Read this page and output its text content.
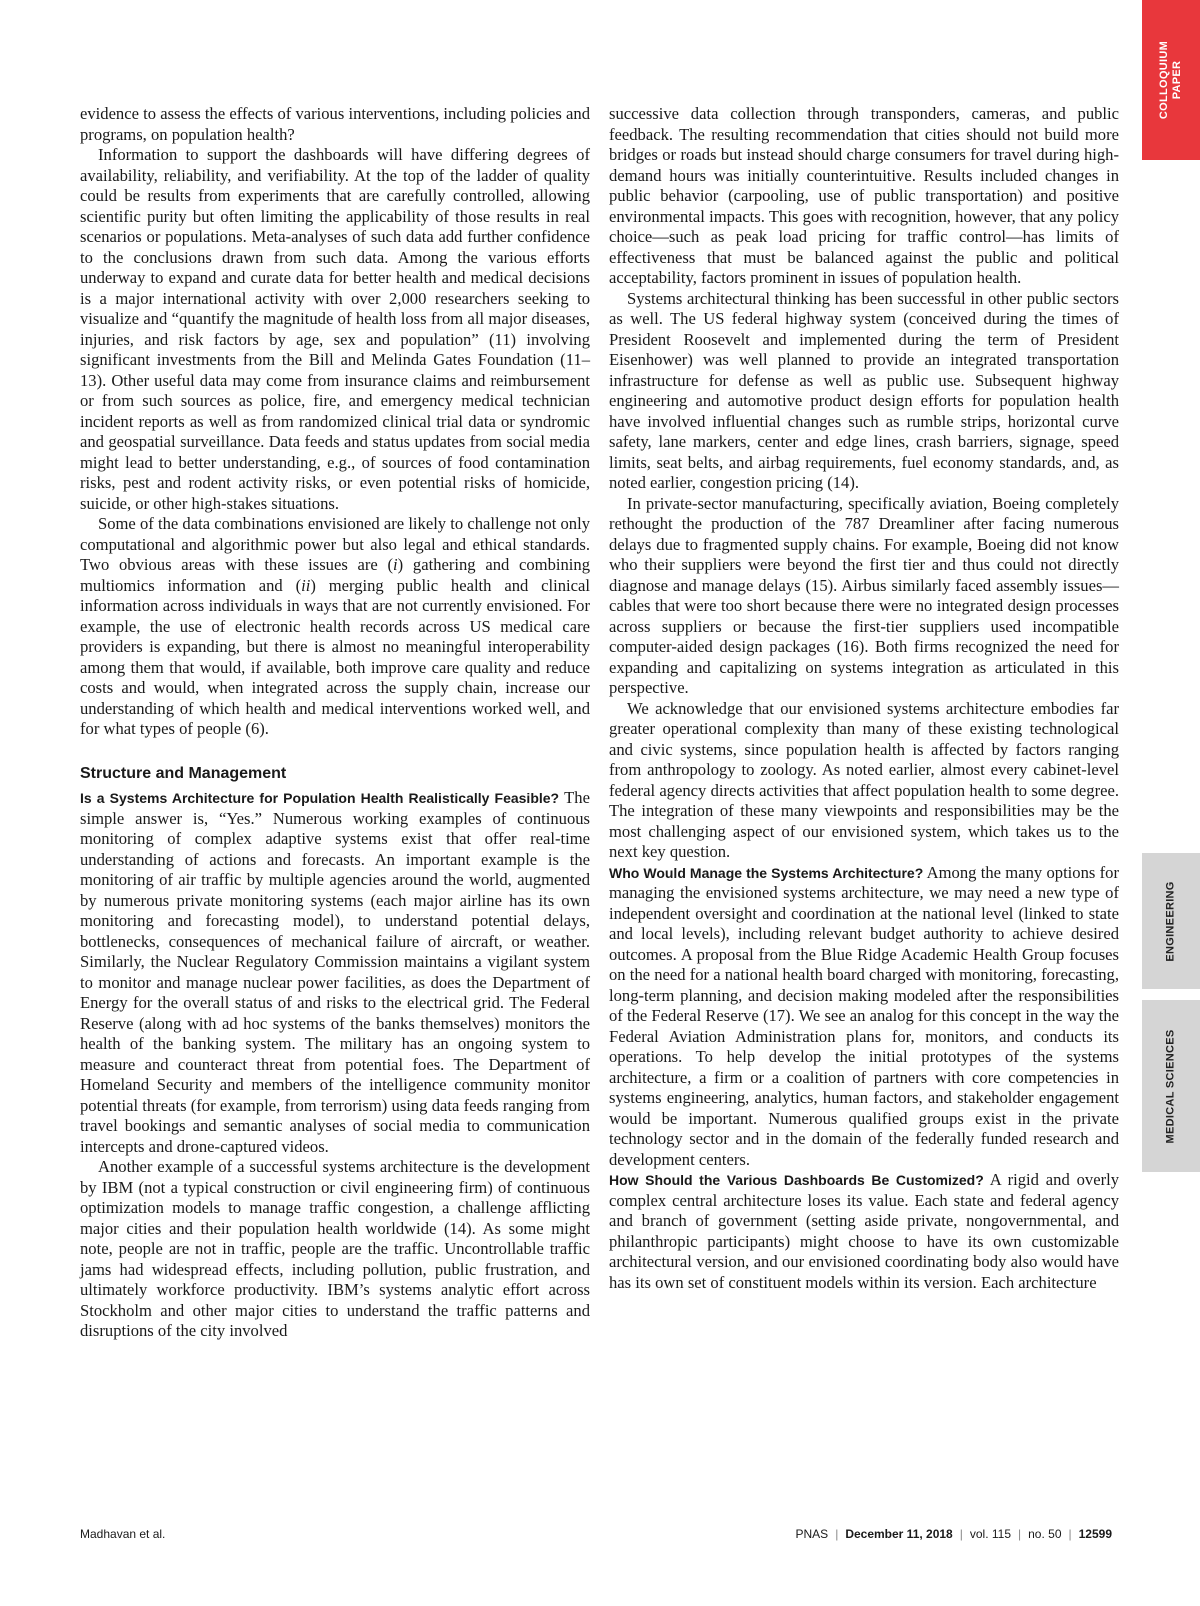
COLLOQUIUM PAPER
ENGINEERING
MEDICAL SCIENCES

evidence to assess the effects of various interventions, including policies and programs, on population health?

Information to support the dashboards will have differing degrees of availability, reliability, and verifiability. At the top of the ladder of quality could be results from experiments that are carefully controlled, allowing scientific purity but often limiting the applicability of those results in real scenarios or populations. Meta-analyses of such data add further confidence to the conclusions drawn from such data. Among the various efforts underway to expand and curate data for better health and medical decisions is a major international activity with over 2,000 researchers seeking to visualize and “quantify the magnitude of health loss from all major diseases, injuries, and risk factors by age, sex and population” (11) involving significant investments from the Bill and Melinda Gates Foundation (11–13). Other useful data may come from insurance claims and reimbursement or from such sources as police, fire, and emergency medical technician incident reports as well as from randomized clinical trial data or syndromic and geospatial surveillance. Data feeds and status updates from social media might lead to better understanding, e.g., of sources of food contamination risks, pest and rodent activity risks, or even potential risks of homicide, suicide, or other high-stakes situations.

Some of the data combinations envisioned are likely to challenge not only computational and algorithmic power but also legal and ethical standards. Two obvious areas with these issues are (i) gathering and combining multiomics information and (ii) merging public health and clinical information across individuals in ways that are not currently envisioned. For example, the use of electronic health records across US medical care providers is expanding, but there is almost no meaningful interoperability among them that would, if available, both improve care quality and reduce costs and would, when integrated across the supply chain, increase our understanding of which health and medical interventions worked well, and for what types of people (6).

Structure and Management

Is a Systems Architecture for Population Health Realistically Feasible? The simple answer is, “Yes.” Numerous working examples of continuous monitoring of complex adaptive systems exist that offer real-time understanding of actions and forecasts. An important example is the monitoring of air traffic by multiple agencies around the world, augmented by numerous private monitoring systems (each major airline has its own monitoring and forecasting model), to understand potential delays, bottlenecks, consequences of mechanical failure of aircraft, or weather. Similarly, the Nuclear Regulatory Commission maintains a vigilant system to monitor and manage nuclear power facilities, as does the Department of Energy for the overall status of and risks to the electrical grid. The Federal Reserve (along with ad hoc systems of the banks themselves) monitors the health of the banking system. The military has an ongoing system to measure and counteract threat from potential foes. The Department of Homeland Security and members of the intelligence community monitor potential threats (for example, from terrorism) using data feeds ranging from travel bookings and semantic analyses of social media to communication intercepts and drone-captured videos.

Another example of a successful systems architecture is the development by IBM (not a typical construction or civil engineering firm) of continuous optimization models to manage traffic congestion, a challenge afflicting major cities and their population health worldwide (14). As some might note, people are not in traffic, people are the traffic. Uncontrollable traffic jams had widespread effects, including pollution, public frustration, and ultimately workforce productivity. IBM’s systems analytic effort across Stockholm and other major cities to understand the traffic patterns and disruptions of the city involved

successive data collection through transponders, cameras, and public feedback. The resulting recommendation that cities should not build more bridges or roads but instead should charge consumers for travel during high-demand hours was initially counterintuitive. Results included changes in public behavior (carpooling, use of public transportation) and positive environmental impacts. This goes with recognition, however, that any policy choice—such as peak load pricing for traffic control—has limits of effectiveness that must be balanced against the public and political acceptability, factors prominent in issues of population health.

Systems architectural thinking has been successful in other public sectors as well. The US federal highway system (conceived during the times of President Roosevelt and implemented during the term of President Eisenhower) was well planned to provide an integrated transportation infrastructure for defense as well as public use. Subsequent highway engineering and automotive product design efforts for population health have involved influential changes such as rumble strips, horizontal curve safety, lane markers, center and edge lines, crash barriers, signage, speed limits, seat belts, and airbag requirements, fuel economy standards, and, as noted earlier, congestion pricing (14).

In private-sector manufacturing, specifically aviation, Boeing completely rethought the production of the 787 Dreamliner after facing numerous delays due to fragmented supply chains. For example, Boeing did not know who their suppliers were beyond the first tier and thus could not directly diagnose and manage delays (15). Airbus similarly faced assembly issues—cables that were too short because there were no integrated design processes across suppliers or because the first-tier suppliers used incompatible computer-aided design packages (16). Both firms recognized the need for expanding and capitalizing on systems integration as articulated in this perspective.

We acknowledge that our envisioned systems architecture embodies far greater operational complexity than many of these existing technological and civic systems, since population health is affected by factors ranging from anthropology to zoology. As noted earlier, almost every cabinet-level federal agency directs activities that affect population health to some degree. The integration of these many viewpoints and responsibilities may be the most challenging aspect of our envisioned system, which takes us to the next key question.

Who Would Manage the Systems Architecture? Among the many options for managing the envisioned systems architecture, we may need a new type of independent oversight and coordination at the national level (linked to state and local levels), including relevant budget authority to achieve desired outcomes. A proposal from the Blue Ridge Academic Health Group focuses on the need for a national health board charged with monitoring, forecasting, long-term planning, and decision making modeled after the responsibilities of the Federal Reserve (17). We see an analog for this concept in the way the Federal Aviation Administration plans for, monitors, and conducts its operations. To help develop the initial prototypes of the systems architecture, a firm or a coalition of partners with core competencies in systems engineering, analytics, human factors, and stakeholder engagement would be important. Numerous qualified groups exist in the private technology sector and in the domain of the federally funded research and development centers.

How Should the Various Dashboards Be Customized? A rigid and overly complex central architecture loses its value. Each state and federal agency and branch of government (setting aside private, nongovernmental, and philanthropic participants) might choose to have its own customizable architectural version, and our envisioned coordinating body also would have has its own set of constituent models within its version. Each architecture

Madhavan et al.	PNAS | December 11, 2018 | vol. 115 | no. 50 | 12599
